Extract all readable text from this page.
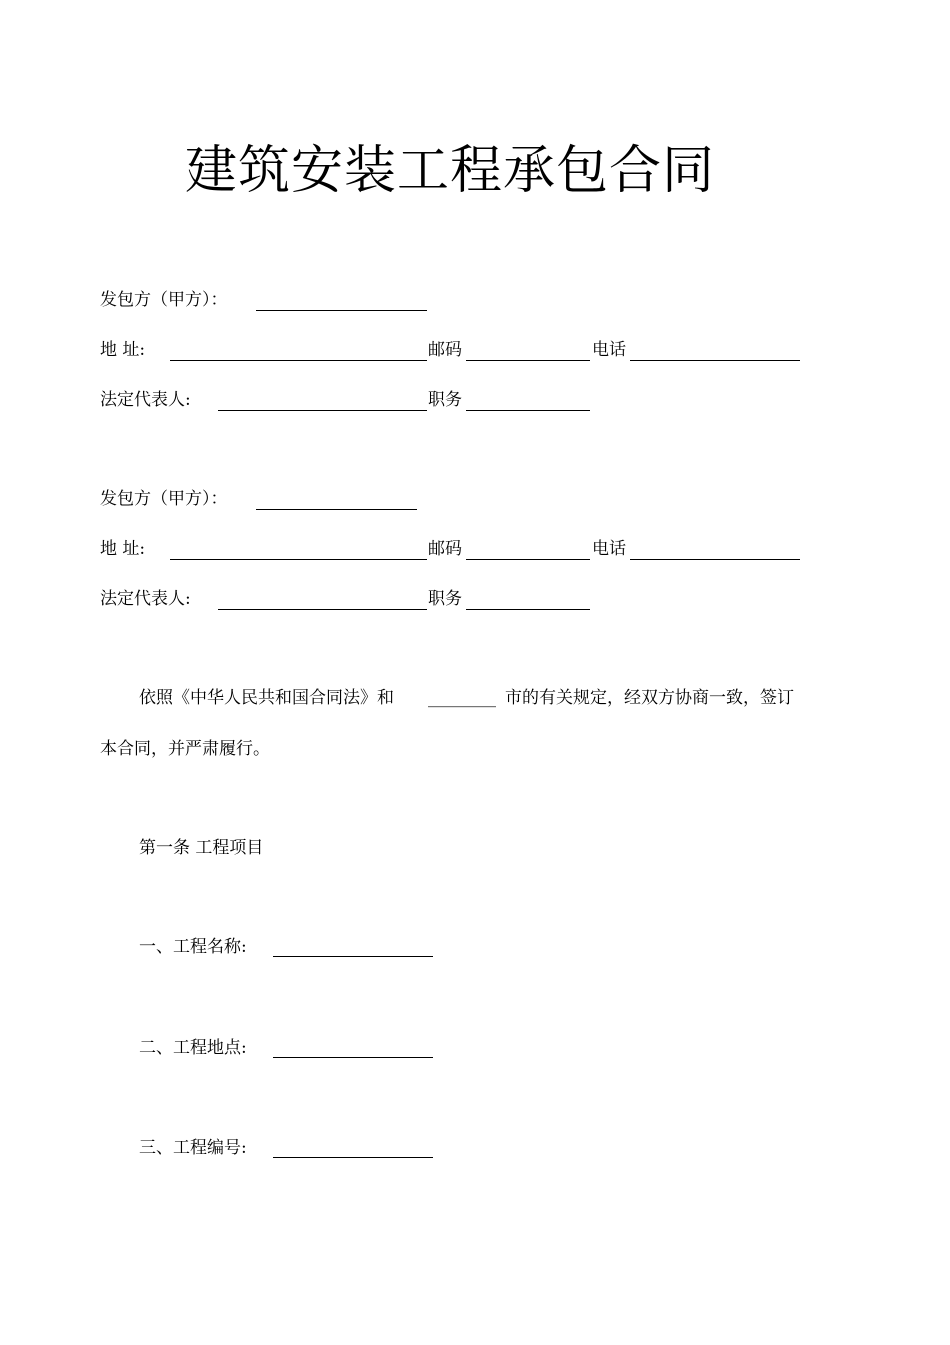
建筑安装工程承包合同
发包方（甲方）：
地 址:	邮码	电话
法定代表人:	职务
发包方（甲方）：
地 址:	邮码	电话
法定代表人:	职务
依照《中华人民共和国合同法》和 ________ 市的有关规定，经双方协商一致，签订
本合同，并严肃履行。
第一条 工程项目
一、工程名称:
二、工程地点:
三、工程编号:
